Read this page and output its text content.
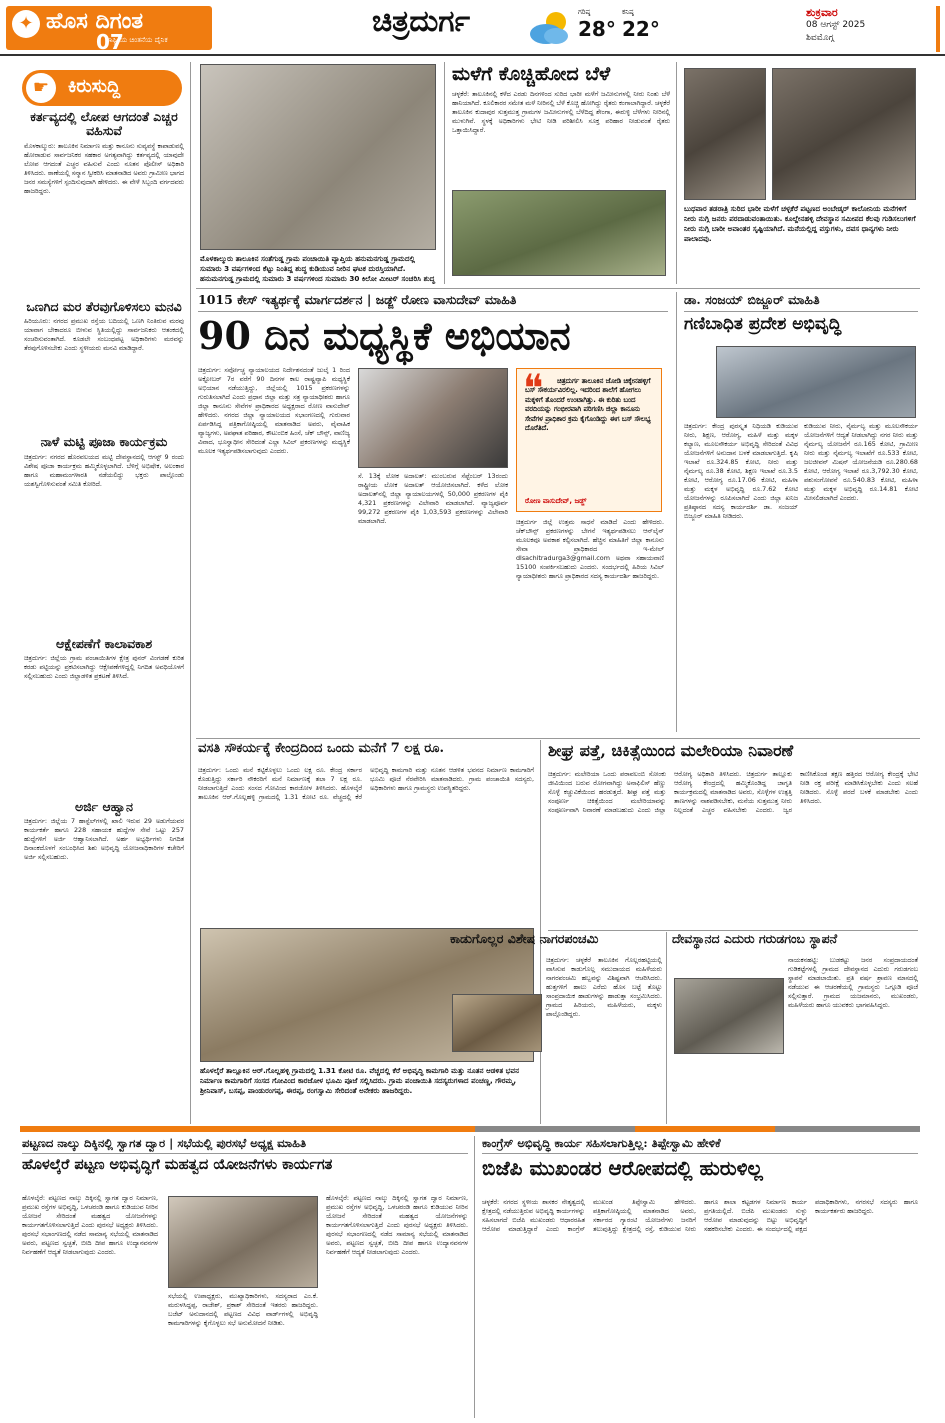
✦ ಹೊಸ ದಿಗಂತ
ರಾಷ್ಟ್ರೀಯ ಚಿಂತನೆಯ ದೈನಿಕ
07
ಚಿತ್ರದುರ್ಗ	ಗರಿಷ್ಠ
28°
ಕನಿಷ್ಠ
22°
ಶುಕ್ರವಾರ
08 ಆಗಸ್ಟ್ 2025
ಶಿವಮೊಗ್ಗ
☛	ಕಿರುಸುದ್ದಿ
ಕರ್ತವ್ಯದಲ್ಲಿ ಲೋಪ ಆಗದಂತೆ ಎಚ್ಚರ ವಹಿಸುವೆ
ಮೊಳಕಾಲ್ಮುರು: ತಾಲೂಕಿನ ನಿರ್ಮಾಣ ಮತ್ತು ಕಾನೂನು ಸುವ್ಯವಸ್ಥೆ ಕಾಪಾಡುವಲ್ಲಿ ಹೋರಾಡುವ ಸಾರ್ವಜನಿಕರ ಸಹಕಾರ ಅಗತ್ಯವಾಗಿದ್ದು ಕರ್ತವ್ಯದಲ್ಲಿ ಯಾವುದೇ ಲೋಪ ಆಗದಂತೆ ಎಚ್ಚರ ವಹಿಸುವೆ ಎಂದು ನೂತನ ಪೊಲೀಸ್ ಅಧಿಕಾರಿ ತಿಳಿಸಿದರು. ಠಾಣೆಯಲ್ಲಿ ಸನ್ಮಾನ ಸ್ವೀಕರಿಸಿ ಮಾತನಾಡಿದ ಅವರು ಗ್ರಾಮೀಣ ಭಾಗದ ಜನರ ಸಮಸ್ಯೆಗಳಿಗೆ ಸ್ಪಂದಿಸುವುದಾಗಿ ಹೇಳಿದರು. ಈ ವೇಳೆ ಸಿಬ್ಬಂದಿ ವರ್ಗದವರು ಹಾಜರಿದ್ದರು.
ಒಣಗಿದ ಮರ ತೆರವುಗೊಳಿಸಲು ಮನವಿ
ಹಿರಿಯೂರು: ನಗರದ ಪ್ರಮುಖ ರಸ್ತೆಯ ಬದಿಯಲ್ಲಿ ಒಣಗಿ ನಿಂತಿರುವ ಮರವು ಯಾವಾಗ ಬೇಕಾದರೂ ಬೀಳುವ ಸ್ಥಿತಿಯಲ್ಲಿದ್ದು ಸಾರ್ವಜನಿಕರು ಆತಂಕದಲ್ಲಿ ಸಂಚರಿಸುವಂತಾಗಿದೆ. ಕೂಡಲೇ ಸಂಬಂಧಪಟ್ಟ ಅಧಿಕಾರಿಗಳು ಮರವನ್ನು ತೆರವುಗೊಳಿಸಬೇಕು ಎಂದು ಸ್ಥಳೀಯರು ಮನವಿ ಮಾಡಿದ್ದಾರೆ.
ನಾಳೆ ಮಟ್ಟಿ ಪೂಜಾ ಕಾರ್ಯಕ್ರಮ
ಚಿತ್ರದುರ್ಗ: ನಗರದ ಹೊರವಲಯದ ಮಟ್ಟಿ ದೇವಸ್ಥಾನದಲ್ಲಿ ಆಗಸ್ಟ್ 9 ರಂದು ವಿಶೇಷ ಪೂಜಾ ಕಾರ್ಯಕ್ರಮ ಹಮ್ಮಿಕೊಳ್ಳಲಾಗಿದೆ. ಬೆಳಿಗ್ಗೆ ಅಭಿಷೇಕ, ಅಲಂಕಾರ ಹಾಗೂ ಮಹಾಮಂಗಳಾರತಿ ನಡೆಯಲಿದ್ದು ಭಕ್ತರು ಪಾಲ್ಗೊಂಡು ಯಶಸ್ವಿಗೊಳಿಸುವಂತೆ ಸಮಿತಿ ಕೋರಿದೆ.
ಆಕ್ಷೇಪಣೆಗೆ ಕಾಲಾವಕಾಶ
ಚಿತ್ರದುರ್ಗ: ಜಿಲ್ಲೆಯ ಗ್ರಾಮ ಪಂಚಾಯಿತಿಗಳ ಕ್ಷೇತ್ರ ಪುನರ್ ವಿಂಗಡಣೆ ಕುರಿತ ಕರಡು ಪಟ್ಟಿಯನ್ನು ಪ್ರಕಟಿಸಲಾಗಿದ್ದು ಆಕ್ಷೇಪಣೆಗಳಿದ್ದಲ್ಲಿ ನಿಗದಿತ ಅವಧಿಯೊಳಗೆ ಸಲ್ಲಿಸಬಹುದು ಎಂದು ಜಿಲ್ಲಾಡಳಿತ ಪ್ರಕಟಣೆ ತಿಳಿಸಿದೆ.
ಅರ್ಜಿ ಆಹ್ವಾನ
ಚಿತ್ರದುರ್ಗ: ಜಿಲ್ಲೆಯ 7 ಹಾಸ್ಟೆಲ್‌ಗಳಲ್ಲಿ ಖಾಲಿ ಇರುವ 29 ಅಡುಗೆಯವರ ಕಾರ್ಯಕರ್ತೆ ಹಾಗೂ 228 ಸಹಾಯಕ ಹುದ್ದೆಗಳ ಸೇವೆ ಒಟ್ಟು 257 ಹುದ್ದೆಗಳಿಗೆ ಅರ್ಜಿ ಆಹ್ವಾನಿಸಲಾಗಿದೆ. ಅರ್ಹ ಅಭ್ಯರ್ಥಿಗಳು ನಿಗದಿತ ದಿನಾಂಕದೊಳಗೆ ಸಂಬಂಧಿಸಿದ ಶಿಶು ಅಭಿವೃದ್ಧಿ ಯೋಜನಾಧಿಕಾರಿಗಳ ಕಚೇರಿಗೆ ಅರ್ಜಿ ಸಲ್ಲಿಸಬಹುದು.
ಮೊಳಕಾಲ್ಮುರು ತಾಲೂಕಿನ ಸಂತೆಗುಡ್ಡ ಗ್ರಾಮ ಪಂಚಾಯಿತಿ ವ್ಯಾಪ್ತಿಯ ಹನುಮನಗುಡ್ಡ ಗ್ರಾಮದಲ್ಲಿ ಸುಮಾರು 3 ವರ್ಷಗಳಿಂದ ಕೆಟ್ಟು ನಿಂತಿದ್ದ ಶುದ್ಧ ಕುಡಿಯುವ ನೀರಿನ ಘಟಕ ದುರಸ್ತಿಯಾಗಿದೆ. ಹನುಮನಗುಡ್ಡ ಗ್ರಾಮದಲ್ಲಿ ಸುಮಾರು 3 ವರ್ಷಗಳಿಂದ ಸುಮಾರು 30 ಕಿಲೋ ಮೀಟರ್ ಸಂಚರಿಸಿ ಶುದ್ಧ
ಮಳೆಗೆ ಕೊಚ್ಚಿಹೋದ ಬೆಳೆ
ಚಳ್ಳಕೆರೆ: ತಾಲೂಕಿನಲ್ಲಿ ಕಳೆದ ಎರಡು ದಿನಗಳಿಂದ ಸುರಿದ ಭಾರೀ ಮಳೆಗೆ ಜಮೀನುಗಳಲ್ಲಿ ನೀರು ನಿಂತು ಬೆಳೆ ಹಾನಿಯಾಗಿದೆ. ಕೂಲಿಕಾರರ ಸಮೇತ ಮಳೆ ನೀರಿನಲ್ಲಿ ಬೆಳೆ ಕೊಚ್ಚಿ ಹೋಗಿದ್ದು ರೈತರು ಕಂಗಾಲಾಗಿದ್ದಾರೆ. ಚಳ್ಳಕೆರೆ ತಾಲೂಕಿನ ಕುದಾಪುರ ಸುತ್ತಮುತ್ತ ಗ್ರಾಮಗಳ ಜಮೀನುಗಳಲ್ಲಿ ಬೆಳೆದಿದ್ದ ಶೇಂಗಾ, ಈರುಳ್ಳಿ ಬೆಳೆಗಳು ನೀರಿನಲ್ಲಿ ಮುಳುಗಿವೆ. ಸ್ಥಳಕ್ಕೆ ಅಧಿಕಾರಿಗಳು ಭೇಟಿ ನೀಡಿ ಪರಿಶೀಲಿಸಿ ಸೂಕ್ತ ಪರಿಹಾರ ನೀಡುವಂತೆ ರೈತರು ಒತ್ತಾಯಿಸಿದ್ದಾರೆ.
ಬುಧವಾರ ತಡರಾತ್ರಿ ಸುರಿದ ಭಾರೀ ಮಳೆಗೆ ಚಳ್ಳಕೆರೆ ಪಟ್ಟಣದ ಅಂಬೇಡ್ಕರ್ ಕಾಲೋನಿಯ ಮನೆಗಳಿಗೆ ನೀರು ನುಗ್ಗಿ ಜನರು ಪರದಾಡುವಂತಾಯಿತು. ಕೂಲ್ದೇನಹಳ್ಳಿ ದೇವಸ್ಥಾನ ಸಮೀಪದ ಕೆಲವು ಗುಡಿಸಲುಗಳಿಗೆ ನೀರು ನುಗ್ಗಿ ಬಾರೀ ಅವಾಂತರ ಸೃಷ್ಟಿಯಾಗಿದೆ. ಮನೆಯಲ್ಲಿದ್ದ ವಸ್ತುಗಳು, ದವಸ ಧಾನ್ಯಗಳು ನೀರು ಪಾಲಾದವು.
1015 ಕೇಸ್ ಇತ್ಯರ್ಥಕ್ಕೆ ಮಾರ್ಗದರ್ಶನ | ಜಡ್ಜ್ ರೋಣ ವಾಸುದೇವ್ ಮಾಹಿತಿ
90 ದಿನ ಮಧ್ಯಸ್ಥಿಕೆ ಅಭಿಯಾನ
ಚಿತ್ರದುರ್ಗ: ಸರ್ವೋಚ್ಚ ನ್ಯಾಯಾಲಯದ ನಿರ್ದೇಶನದಂತೆ ಜುಲೈ 1 ರಿಂದ ಅಕ್ಟೋಬರ್ 7ರ ವರೆಗೆ 90 ದಿನಗಳ ಕಾಲ ರಾಷ್ಟ್ರವ್ಯಾಪಿ ಮಧ್ಯಸ್ಥಿಕೆ ಅಭಿಯಾನ ನಡೆಯುತ್ತಿದ್ದು, ಜಿಲ್ಲೆಯಲ್ಲಿ 1015 ಪ್ರಕರಣಗಳನ್ನು ಗುರುತಿಸಲಾಗಿದೆ ಎಂದು ಪ್ರಧಾನ ಜಿಲ್ಲಾ ಮತ್ತು ಸತ್ರ ನ್ಯಾಯಾಧೀಶರು ಹಾಗೂ ಜಿಲ್ಲಾ ಕಾನೂನು ಸೇವೆಗಳ ಪ್ರಾಧಿಕಾರದ ಅಧ್ಯಕ್ಷರಾದ ರೋಣ ವಾಸುದೇವ್ ಹೇಳಿದರು. ನಗರದ ಜಿಲ್ಲಾ ನ್ಯಾಯಾಲಯದ ಸಭಾಂಗಣದಲ್ಲಿ ಗುರುವಾರ ಏರ್ಪಡಿಸಿದ್ದ ಪತ್ರಿಕಾಗೋಷ್ಠಿಯಲ್ಲಿ ಮಾತನಾಡಿದ ಅವರು, ವೈವಾಹಿಕ ವ್ಯಾಜ್ಯಗಳು, ಅಪಘಾತ ಪರಿಹಾರ, ಕೌಟುಂಬಿಕ ಹಿಂಸೆ, ಚೆಕ್ ಬೌನ್ಸ್, ವಾಣಿಜ್ಯ ವಿವಾದ, ಭೂಸ್ವಾಧೀನ ಸೇರಿದಂತೆ ಎಲ್ಲಾ ಸಿವಿಲ್ ಪ್ರಕರಣಗಳನ್ನು ಮಧ್ಯಸ್ಥಿಕೆ ಮೂಲಕ ಇತ್ಯರ್ಥಪಡಿಸಲಾಗುವುದು ಎಂದರು.
ಸೆ. 13ಕ್ಕೆ ಲೋಕ ಅದಾಲತ್: ಮುಂಬರುವ ಸೆಪ್ಟೆಂಬರ್ 13ರಂದು ರಾಷ್ಟ್ರೀಯ ಲೋಕ ಅದಾಲತ್ ಆಯೋಜಿಸಲಾಗಿದೆ. ಕಳೆದ ಲೋಕ ಅದಾಲತ್‌ನಲ್ಲಿ ಜಿಲ್ಲಾ ನ್ಯಾಯಾಲಯಗಳಲ್ಲಿ 50,000 ಪ್ರಕರಣಗಳ ಪೈಕಿ 4,321 ಪ್ರಕರಣಗಳನ್ನು ವಿಲೇವಾರಿ ಮಾಡಲಾಗಿದೆ. ವ್ಯಾಜ್ಯಪೂರ್ವ 99,272 ಪ್ರಕರಣಗಳ ಪೈಕಿ 1,03,593 ಪ್ರಕರಣಗಳನ್ನು ವಿಲೇವಾರಿ ಮಾಡಲಾಗಿದೆ.
❝	ಚಿತ್ರದುರ್ಗ ತಾಲೂಕಿನ ಜೋಡಿ ಚಿಕ್ಕೇನಹಳ್ಳಿಗೆ ಬಸ್ ಸೌಕರ್ಯವಿರಲಿಲ್ಲ. ಇದರಿಂದ ಶಾಲೆಗೆ ಹೋಗಲು ಮಕ್ಕಳಿಗೆ ತೊಂದರೆ ಉಂಟಾಗಿತ್ತು. ಈ ಕುರಿತು ಬಂದ ವರದಿಯನ್ನು ಗಂಭೀರವಾಗಿ ಪರಿಗಣಿಸಿ ಜಿಲ್ಲಾ ಕಾನೂನು ಸೇವೆಗಳ ಪ್ರಾಧಿಕಾರ ಕ್ರಮ ಕೈಗೊಂಡಿದ್ದು ಈಗ ಬಸ್ ಸೌಲಭ್ಯ ದೊರೆತಿದೆ.
ರೋಣ ವಾಸುದೇವ್, ಜಡ್ಜ್
ಚಿತ್ರದುರ್ಗ ಜಿಲ್ಲೆ ಉತ್ತಮ ಸಾಧನೆ ಮಾಡಿದೆ ಎಂದು ಹೇಳಿದರು. ಚೆಕ್‌ಬೌನ್ಸ್ ಪ್ರಕರಣಗಳನ್ನು ಬೇಗನೆ ಇತ್ಯರ್ಥಪಡಿಸಲು ಆನ್‌ಲೈನ್ ಮೂಲಕವೂ ಅವಕಾಶ ಕಲ್ಪಿಸಲಾಗಿದೆ. ಹೆಚ್ಚಿನ ಮಾಹಿತಿಗೆ ಜಿಲ್ಲಾ ಕಾನೂನು ಸೇವಾ ಪ್ರಾಧಿಕಾರದ ಇ-ಮೇಲ್ dlsachitradurga3@gmail.com ಅಥವಾ ಸಹಾಯವಾಣಿ 15100 ಸಂಪರ್ಕಿಸಬಹುದು ಎಂದರು. ಸಂದರ್ಭದಲ್ಲಿ ಹಿರಿಯ ಸಿವಿಲ್ ನ್ಯಾಯಾಧೀಶರು ಹಾಗೂ ಪ್ರಾಧಿಕಾರದ ಸದಸ್ಯ ಕಾರ್ಯದರ್ಶಿ ಹಾಜರಿದ್ದರು.
ಡಾ. ಸಂಜಯ್ ಬಿಜ್ಜೂರ್ ಮಾಹಿತಿ
ಗಣಿಬಾಧಿತ ಪ್ರದೇಶ ಅಭಿವೃದ್ಧಿ
ಚಿತ್ರದುರ್ಗ: ಕೇಂದ್ರ ಪುರಸ್ಕೃತ ನಿಧಿಯಡಿ ಕುಡಿಯುವ ನೀರು, ಶಿಕ್ಷಣ, ಆರೋಗ್ಯ, ಮಹಿಳೆ ಮತ್ತು ಮಕ್ಕಳ ಕಲ್ಯಾಣ, ಮೂಲಸೌಕರ್ಯ ಅಭಿವೃದ್ಧಿ ಸೇರಿದಂತೆ ವಿವಿಧ ಯೋಜನೆಗಳಿಗೆ ಅನುದಾನ ಬಳಕೆ ಮಾಡಲಾಗುತ್ತಿದೆ. ಕೃಷಿ ಇಲಾಖೆ ರೂ.324.85 ಕೋಟಿ, ನೀರು ಮತ್ತು ನೈರ್ಮಲ್ಯ ರೂ.38 ಕೋಟಿ, ಶಿಕ್ಷಣ ಇಲಾಖೆ ರೂ.3.5 ಕೋಟಿ, ಆರೋಗ್ಯ ರೂ.17.06 ಕೋಟಿ, ಮಹಿಳಾ ಮತ್ತು ಮಕ್ಕಳ ಅಭಿವೃದ್ಧಿ ರೂ.7.62 ಕೋಟಿ ಯೋಜನೆಗಳನ್ನು ರೂಪಿಸಲಾಗಿದೆ ಎಂದು ಜಿಲ್ಲಾ ಖನಿಜ ಪ್ರತಿಷ್ಠಾನದ ಸದಸ್ಯ ಕಾರ್ಯದರ್ಶಿ ಡಾ. ಸಂಜಯ್ ಬಿಜ್ಜೂರ್ ಮಾಹಿತಿ ನೀಡಿದರು.
ಕುಡಿಯುವ ನೀರು, ನೈರ್ಮಲ್ಯ ಮತ್ತು ಮೂಲಸೌಕರ್ಯ ಯೋಜನೆಗಳಿಗೆ ಆದ್ಯತೆ ನೀಡಲಾಗಿದ್ದು ನಗರ ನೀರು ಮತ್ತು ನೈರ್ಮಲ್ಯ ಯೋಜನೆಗೆ ರೂ.165 ಕೋಟಿ, ಗ್ರಾಮೀಣ ನೀರು ಮತ್ತು ನೈರ್ಮಲ್ಯ ಇಲಾಖೆಗೆ ರೂ.533 ಕೋಟಿ, ಜಲಜೀವನ್ ಮಿಷನ್ ಯೋಜನೆಯಡಿ ರೂ.280.68 ಕೋಟಿ, ಆರೋಗ್ಯ ಇಲಾಖೆ ರೂ.3,792.30 ಕೋಟಿ, ಪಶುಸಂಗೋಪನೆ ರೂ.540.83 ಕೋಟಿ, ಮಹಿಳಾ ಮತ್ತು ಮಕ್ಕಳ ಅಭಿವೃದ್ಧಿ ರೂ.14.81 ಕೋಟಿ ಮೀಸಲಿಡಲಾಗಿದೆ ಎಂದರು.
ವಸತಿ ಸೌಕರ್ಯಕ್ಕೆ ಕೇಂದ್ರದಿಂದ ಒಂದು ಮನೆಗೆ 7 ಲಕ್ಷ ರೂ.
ಚಿತ್ರದುರ್ಗ: ಒಂದು ಮನೆ ಕಟ್ಟಿಕೊಳ್ಳಲು ಒಂದು ಲಕ್ಷ ರೂ. ಕೇಂದ್ರ ಸರ್ಕಾರ ಕೊಡುತ್ತಿದ್ದು ಸರ್ಕಾರಿ ನೌಕರರಿಗೆ ಮನೆ ನಿರ್ಮಾಣಕ್ಕೆ ತಲಾ 7 ಲಕ್ಷ ರೂ. ನೀಡಲಾಗುತ್ತಿದೆ ಎಂದು ಸಂಸದ ಗೋವಿಂದ ಕಾರಜೋಳ ತಿಳಿಸಿದರು. ಹೊಳಲ್ಕೆರೆ ತಾಲೂಕಿನ ಆರ್.ಗೊಲ್ಲಹಳ್ಳಿ ಗ್ರಾಮದಲ್ಲಿ 1.31 ಕೋಟಿ ರೂ. ವೆಚ್ಚದಲ್ಲಿ ಕೆರೆ ಅಭಿವೃದ್ಧಿ ಕಾಮಗಾರಿ ಮತ್ತು ನೂತನ ಆಡಳಿತ ಭವನದ ನಿರ್ಮಾಣ ಕಾಮಗಾರಿಗೆ ಭೂಮಿ ಪೂಜೆ ನೆರವೇರಿಸಿ ಮಾತನಾಡಿದರು. ಗ್ರಾಮ ಪಂಚಾಯಿತಿ ಸದಸ್ಯರು, ಅಧಿಕಾರಿಗಳು ಹಾಗೂ ಗ್ರಾಮಸ್ಥರು ಉಪಸ್ಥಿತರಿದ್ದರು.
ಹೊಳಲ್ಕೆರೆ ತಾಲ್ಲೂಕಿನ ಆರ್.ಗೊಲ್ಲಹಳ್ಳಿ ಗ್ರಾಮದಲ್ಲಿ 1.31 ಕೋಟಿ ರೂ. ವೆಚ್ಚದಲ್ಲಿ ಕೆರೆ ಅಭಿವೃದ್ಧಿ ಕಾಮಗಾರಿ ಮತ್ತು ನೂತನ ಆಡಳಿತ ಭವನ ನಿರ್ಮಾಣ ಕಾಮಗಾರಿಗೆ ಸಂಸದ ಗೋವಿಂದ ಕಾರಜೋಳ ಭೂಮಿ ಪೂಜೆ ಸಲ್ಲಿಸಿದರು. ಗ್ರಾಮ ಪಂಚಾಯಿತಿ ಸದಸ್ಯರುಗಳಾದ ಪಂಚಣ್ಣ, ಗೌರಮ್ಮ, ಶ್ರೀನಿವಾಸ್, ಬಸಪ್ಪ, ಪಾಂಡುರಂಗಪ್ಪ, ಈರಪ್ಪ, ರಂಗಸ್ವಾಮಿ ಸೇರಿದಂತೆ ಅನೇಕರು ಹಾಜರಿದ್ದರು.
ಶೀಘ್ರ ಪತ್ತೆ, ಚಿಕಿತ್ಸೆಯಿಂದ ಮಲೇರಿಯಾ ನಿವಾರಣೆ
ಚಿತ್ರದುರ್ಗ: ಮಲೇರಿಯಾ ಒಂದು ಪರಾವಲಂಬಿ ಸೋಂಕು ಜೀವಿಯಿಂದ ಬರುವ ರೋಗವಾಗಿದ್ದು ಅನಾಫಿಲಿಸ್ ಹೆಣ್ಣು ಸೊಳ್ಳೆ ಕಚ್ಚುವಿಕೆಯಿಂದ ಹರಡುತ್ತದೆ. ಶೀಘ್ರ ಪತ್ತೆ ಮತ್ತು ಸಂಪೂರ್ಣ ಚಿಕಿತ್ಸೆಯಿಂದ ಮಲೇರಿಯಾವನ್ನು ಸಂಪೂರ್ಣವಾಗಿ ನಿವಾರಣೆ ಮಾಡಬಹುದು ಎಂದು ಜಿಲ್ಲಾ ಆರೋಗ್ಯ ಅಧಿಕಾರಿ ತಿಳಿಸಿದರು. ಚಿತ್ರದುರ್ಗ ತಾಲ್ಲೂಕು ಆರೋಗ್ಯ ಕೇಂದ್ರದಲ್ಲಿ ಹಮ್ಮಿಕೊಂಡಿದ್ದ ಜಾಗೃತಿ ಕಾರ್ಯಕ್ರಮದಲ್ಲಿ ಮಾತನಾಡಿದ ಅವರು, ಸೊಳ್ಳೆಗಳ ಉತ್ಪತ್ತಿ ತಾಣಗಳನ್ನು ನಾಶಪಡಿಸಬೇಕು, ಮನೆಯ ಸುತ್ತಮುತ್ತ ನೀರು ನಿಲ್ಲದಂತೆ ಎಚ್ಚರ ವಹಿಸಬೇಕು ಎಂದರು. ಜ್ವರ ಕಾಣಿಸಿಕೊಂಡ ತಕ್ಷಣ ಹತ್ತಿರದ ಆರೋಗ್ಯ ಕೇಂದ್ರಕ್ಕೆ ಭೇಟಿ ನೀಡಿ ರಕ್ತ ಪರೀಕ್ಷೆ ಮಾಡಿಸಿಕೊಳ್ಳಬೇಕು ಎಂದು ಸಲಹೆ ನೀಡಿದರು. ಸೊಳ್ಳೆ ಪರದೆ ಬಳಕೆ ಮಾಡಬೇಕು ಎಂದು ತಿಳಿಸಿದರು.
ಕಾಡುಗೊಲ್ಲರ ವಿಶೇಷ ನಾಗರಪಂಚಮಿ
ಚಿತ್ರದುರ್ಗ: ಚಳ್ಳಕೆರೆ ತಾಲೂಕಿನ ಗೊಲ್ಲರಹಟ್ಟಿಯಲ್ಲಿ ವಾಸಿಸುವ ಕಾಡುಗೊಲ್ಲ ಸಮುದಾಯದ ಮಹಿಳೆಯರು ನಾಗರಪಂಚಮಿ ಹಬ್ಬವನ್ನು ವಿಶಿಷ್ಟವಾಗಿ ಆಚರಿಸಿದರು. ಹುತ್ತಗಳಿಗೆ ಹಾಲು ಎರೆದು ಹೊಸ ಬಟ್ಟೆ ತೊಟ್ಟು ಸಾಂಪ್ರದಾಯಿಕ ಹಾಡುಗಳನ್ನು ಹಾಡುತ್ತಾ ಸಂಭ್ರಮಿಸಿದರು. ಗ್ರಾಮದ ಹಿರಿಯರು, ಮಹಿಳೆಯರು, ಮಕ್ಕಳು ಪಾಲ್ಗೊಂಡಿದ್ದರು.
ದೇವಸ್ಥಾನದ ಎದುರು ಗರುಡಗಂಬ ಸ್ಥಾಪನೆ
ನಾಯಕನಹಟ್ಟಿ: ಬುಡಕಟ್ಟು ಜನರ ಸಂಪ್ರದಾಯದಂತೆ ಗುಡಿಕಟ್ಟೆಗಳಲ್ಲಿ ಗ್ರಾಮದ ದೇವಸ್ಥಾನದ ಎದುರು ಗರುಡಗಂಬ ಸ್ಥಾಪನೆ ಮಾಡಲಾಯಿತು. ಪ್ರತಿ ವರ್ಷ ಶ್ರಾವಣ ಮಾಸದಲ್ಲಿ ನಡೆಯುವ ಈ ಆಚರಣೆಯಲ್ಲಿ ಗ್ರಾಮಸ್ಥರು ಒಗ್ಗೂಡಿ ಪೂಜೆ ಸಲ್ಲಿಸುತ್ತಾರೆ. ಗ್ರಾಮದ ಯಜಮಾನರು, ಮುಖಂಡರು, ಮಹಿಳೆಯರು ಹಾಗೂ ಯುವಕರು ಭಾಗವಹಿಸಿದ್ದರು.
ಪಟ್ಟಣದ ನಾಲ್ಕು ದಿಕ್ಕಿನಲ್ಲಿ ಸ್ವಾಗತ ದ್ವಾರ | ಸಭೆಯಲ್ಲಿ ಪುರಸಭೆ ಅಧ್ಯಕ್ಷ ಮಾಹಿತಿ
ಹೊಳಲ್ಕೆರೆ ಪಟ್ಟಣ ಅಭಿವೃದ್ಧಿಗೆ ಮಹತ್ವದ ಯೋಜನೆಗಳು ಕಾರ್ಯಗತ
ಹೊಳಲ್ಕೆರೆ: ಪಟ್ಟಣದ ನಾಲ್ಕು ದಿಕ್ಕಿನಲ್ಲಿ ಸ್ವಾಗತ ದ್ವಾರ ನಿರ್ಮಾಣ, ಪ್ರಮುಖ ರಸ್ತೆಗಳ ಅಭಿವೃದ್ಧಿ, ಒಳಚರಂಡಿ ಹಾಗೂ ಕುಡಿಯುವ ನೀರಿನ ಯೋಜನೆ ಸೇರಿದಂತೆ ಮಹತ್ವದ ಯೋಜನೆಗಳನ್ನು ಕಾರ್ಯಗತಗೊಳಿಸಲಾಗುತ್ತಿದೆ ಎಂದು ಪುರಸಭೆ ಅಧ್ಯಕ್ಷರು ತಿಳಿಸಿದರು. ಪುರಸಭೆ ಸಭಾಂಗಣದಲ್ಲಿ ನಡೆದ ಸಾಮಾನ್ಯ ಸಭೆಯಲ್ಲಿ ಮಾತನಾಡಿದ ಅವರು, ಪಟ್ಟಣದ ಸ್ವಚ್ಛತೆ, ಬೀದಿ ದೀಪ ಹಾಗೂ ಉದ್ಯಾನವನಗಳ ನಿರ್ವಹಣೆಗೆ ಆದ್ಯತೆ ನೀಡಲಾಗುವುದು ಎಂದರು.
ಸಭೆಯಲ್ಲಿ ಉಪಾಧ್ಯಕ್ಷರು, ಮುಖ್ಯಾಧಿಕಾರಿಗಳು, ಸದಸ್ಯರಾದ ಎಂ.ಕೆ. ಮರುಳಸಿದ್ದಪ್ಪ, ರಾಜೇಶ್, ಪ್ರಕಾಶ್ ಸೇರಿದಂತೆ ಇತರರು ಹಾಜರಿದ್ದರು. ಬಜೆಟ್ ಅನುದಾನದಲ್ಲಿ ಪಟ್ಟಣದ ವಿವಿಧ ವಾರ್ಡ್‌ಗಳಲ್ಲಿ ಅಭಿವೃದ್ಧಿ ಕಾಮಗಾರಿಗಳನ್ನು ಕೈಗೊಳ್ಳಲು ಸಭೆ ಅನುಮೋದನೆ ನೀಡಿತು.
ಹೊಳಲ್ಕೆರೆ: ಪಟ್ಟಣದ ನಾಲ್ಕು ದಿಕ್ಕಿನಲ್ಲಿ ಸ್ವಾಗತ ದ್ವಾರ ನಿರ್ಮಾಣ, ಪ್ರಮುಖ ರಸ್ತೆಗಳ ಅಭಿವೃದ್ಧಿ, ಒಳಚರಂಡಿ ಹಾಗೂ ಕುಡಿಯುವ ನೀರಿನ ಯೋಜನೆ ಸೇರಿದಂತೆ ಮಹತ್ವದ ಯೋಜನೆಗಳನ್ನು ಕಾರ್ಯಗತಗೊಳಿಸಲಾಗುತ್ತಿದೆ ಎಂದು ಪುರಸಭೆ ಅಧ್ಯಕ್ಷರು ತಿಳಿಸಿದರು. ಪುರಸಭೆ ಸಭಾಂಗಣದಲ್ಲಿ ನಡೆದ ಸಾಮಾನ್ಯ ಸಭೆಯಲ್ಲಿ ಮಾತನಾಡಿದ ಅವರು, ಪಟ್ಟಣದ ಸ್ವಚ್ಛತೆ, ಬೀದಿ ದೀಪ ಹಾಗೂ ಉದ್ಯಾನವನಗಳ ನಿರ್ವಹಣೆಗೆ ಆದ್ಯತೆ ನೀಡಲಾಗುವುದು ಎಂದರು.
ಕಾಂಗ್ರೆಸ್ ಅಭಿವೃದ್ಧಿ ಕಾರ್ಯ ಸಹಿಸಲಾಗುತ್ತಿಲ್ಲ: ತಿಪ್ಪೇಸ್ವಾಮಿ ಹೇಳಿಕೆ
ಬಿಜೆಪಿ ಮುಖಂಡರ ಆರೋಪದಲ್ಲಿ ಹುರುಳಿಲ್ಲ
ಚಳ್ಳಕೆರೆ: ನಗರದ ಸ್ಥಳೀಯ ಶಾಸಕರ ನೇತೃತ್ವದಲ್ಲಿ ಕ್ಷೇತ್ರದಲ್ಲಿ ನಡೆಯುತ್ತಿರುವ ಅಭಿವೃದ್ಧಿ ಕಾರ್ಯಗಳನ್ನು ಸಹಿಸಲಾಗದೆ ಬಿಜೆಪಿ ಮುಖಂಡರು ಆಧಾರರಹಿತ ಆರೋಪ ಮಾಡುತ್ತಿದ್ದಾರೆ ಎಂದು ಕಾಂಗ್ರೆಸ್ ಮುಖಂಡ ತಿಪ್ಪೇಸ್ವಾಮಿ ಹೇಳಿದರು. ಪತ್ರಿಕಾಗೋಷ್ಠಿಯಲ್ಲಿ ಮಾತನಾಡಿದ ಅವರು, ಸರ್ಕಾರದ ಗ್ಯಾರಂಟಿ ಯೋಜನೆಗಳು ಜನರಿಗೆ ತಲುಪುತ್ತಿದ್ದು ಕ್ಷೇತ್ರದಲ್ಲಿ ರಸ್ತೆ, ಕುಡಿಯುವ ನೀರು ಹಾಗೂ ಶಾಲಾ ಕಟ್ಟಡಗಳ ನಿರ್ಮಾಣ ಕಾರ್ಯ ಪ್ರಗತಿಯಲ್ಲಿದೆ. ಬಿಜೆಪಿ ಮುಖಂಡರು ಸುಳ್ಳು ಆರೋಪ ಮಾಡುವುದನ್ನು ಬಿಟ್ಟು ಅಭಿವೃದ್ಧಿಗೆ ಸಹಕರಿಸಬೇಕು ಎಂದರು. ಈ ಸಂದರ್ಭದಲ್ಲಿ ಪಕ್ಷದ ಪದಾಧಿಕಾರಿಗಳು, ನಗರಸಭೆ ಸದಸ್ಯರು ಹಾಗೂ ಕಾರ್ಯಕರ್ತರು ಹಾಜರಿದ್ದರು.
